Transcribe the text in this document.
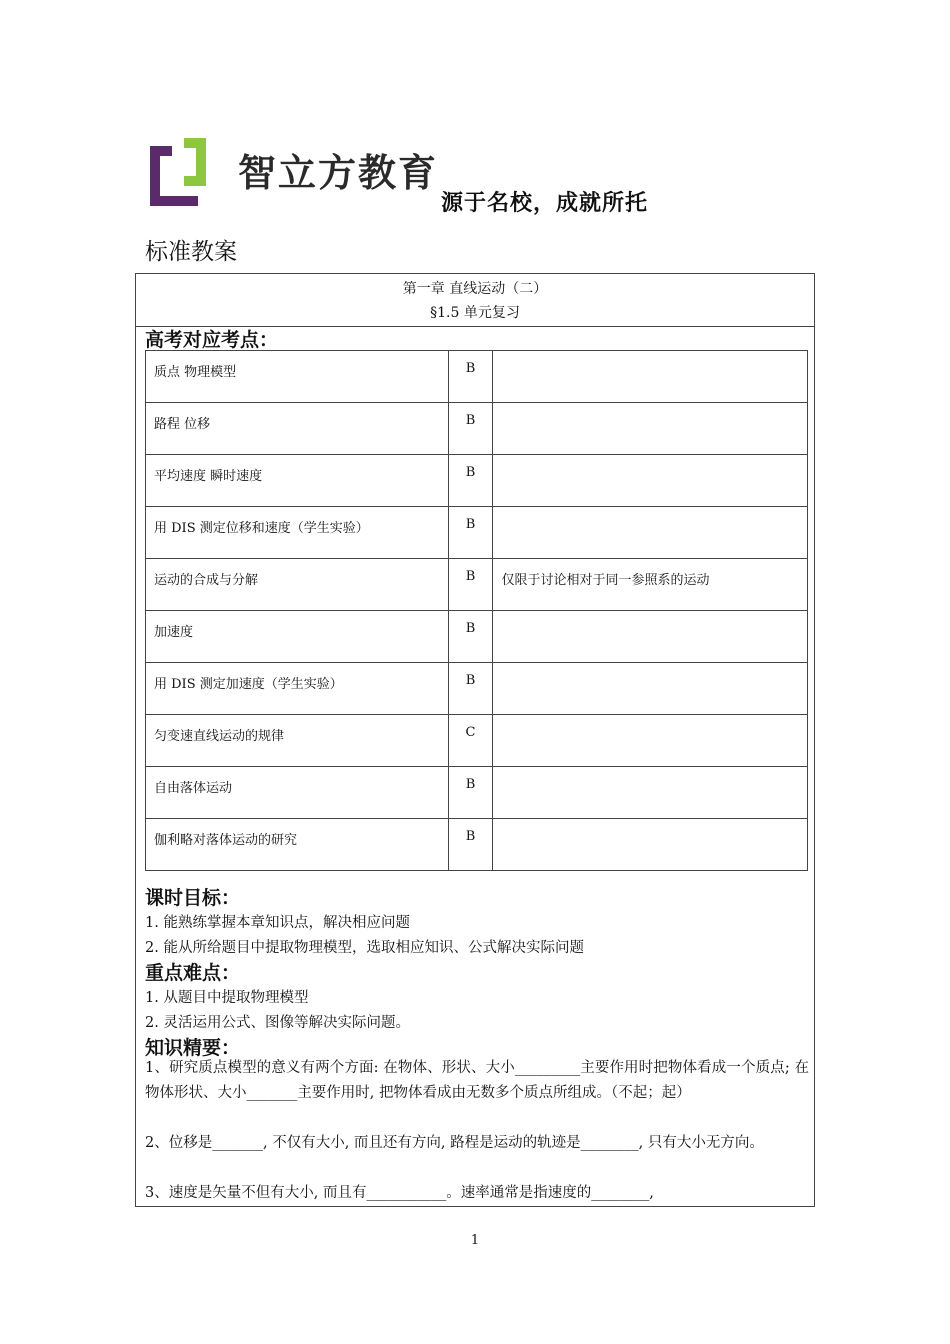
智立方教育
源于名校，成就所托
标准教案
第一章 直线运动（二）
§1.5 单元复习
高考对应考点：
质点 物理模型	B	
路程 位移	B	
平均速度 瞬时速度	B	
用 DIS 测定位移和速度（学生实验）	B	
运动的合成与分解	B	仅限于讨论相对于同一参照系的运动
加速度	B	
用 DIS 测定加速度（学生实验）	B	
匀变速直线运动的规律	C	
自由落体运动	B	
伽利略对落体运动的研究	B	
课时目标：
1. 能熟练掌握本章知识点，解决相应问题
2. 能从所给题目中提取物理模型，选取相应知识、公式解决实际问题
重点难点：
1. 从题目中提取物理模型
2. 灵活运用公式、图像等解决实际问题。
知识精要：
1、研究质点模型的意义有两个方面: 在物体、形状、大小_________主要作用时把物体看成一个质点; 在物体形状、大小_______主要作用时, 把物体看成由无数多个质点所组成。（不起；起）
2、位移是_______, 不仅有大小, 而且还有方向, 路程是运动的轨迹是________, 只有大小无方向。
3、速度是矢量不但有大小, 而且有___________。速率通常是指速度的________,
1
